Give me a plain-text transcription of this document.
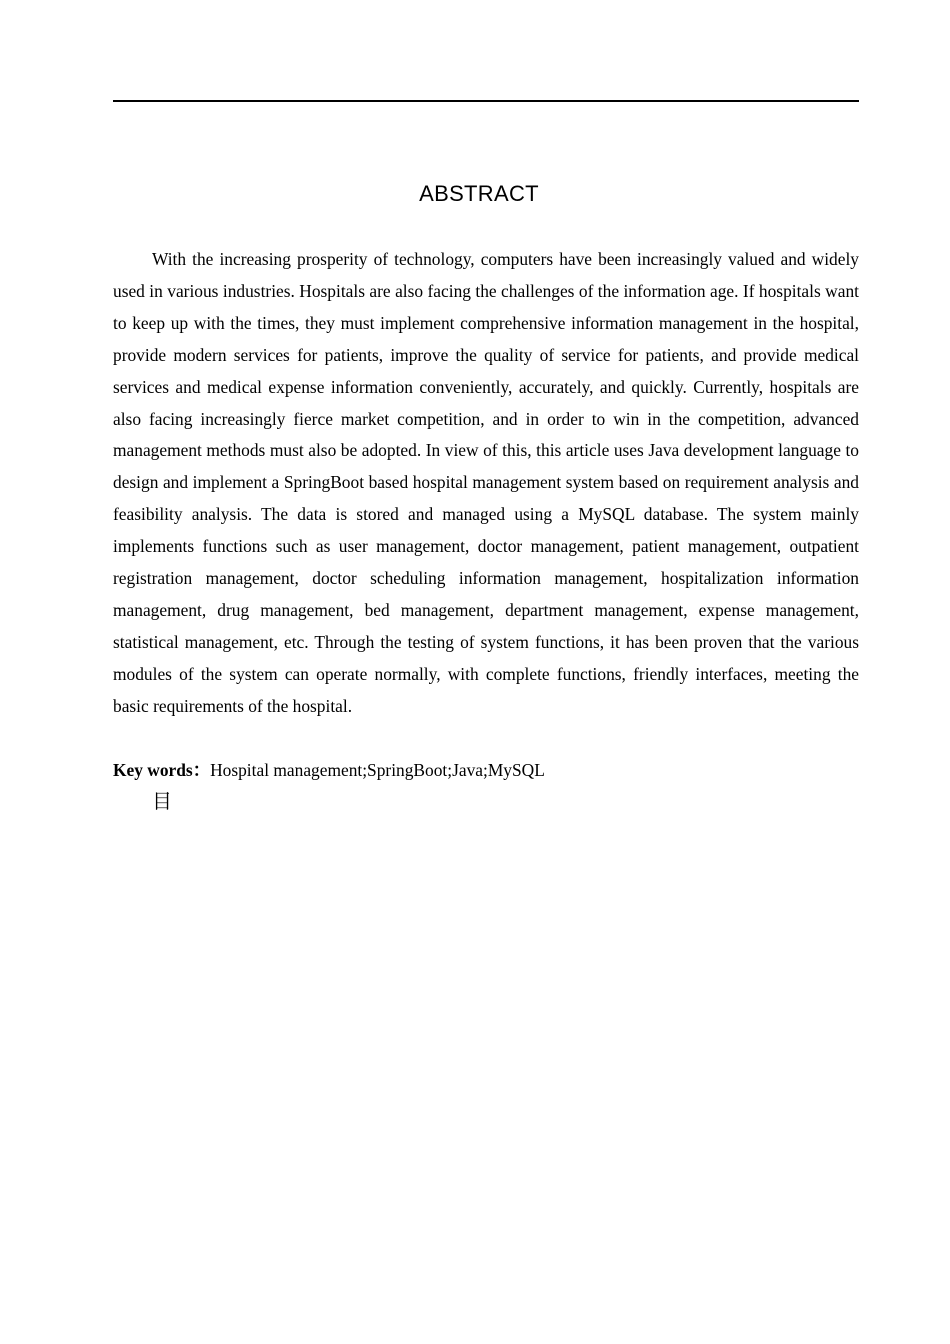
ABSTRACT

With the increasing prosperity of technology, computers have been increasingly valued and widely used in various industries. Hospitals are also facing the challenges of the information age. If hospitals want to keep up with the times, they must implement comprehensive information management in the hospital, provide modern services for patients, improve the quality of service for patients, and provide medical services and medical expense information conveniently, accurately, and quickly. Currently, hospitals are also facing increasingly fierce market competition, and in order to win in the competition, advanced management methods must also be adopted. In view of this, this article uses Java development language to design and implement a SpringBoot based hospital management system based on requirement analysis and feasibility analysis. The data is stored and managed using a MySQL database. The system mainly implements functions such as user management, doctor management, patient management, outpatient registration management, doctor scheduling information management, hospitalization information management, drug management, bed management, department management, expense management, statistical management, etc. Through the testing of system functions, it has been proven that the various modules of the system can operate normally, with complete functions, friendly interfaces, meeting the basic requirements of the hospital.

Key words：Hospital management;SpringBoot;Java;MySQL
目
